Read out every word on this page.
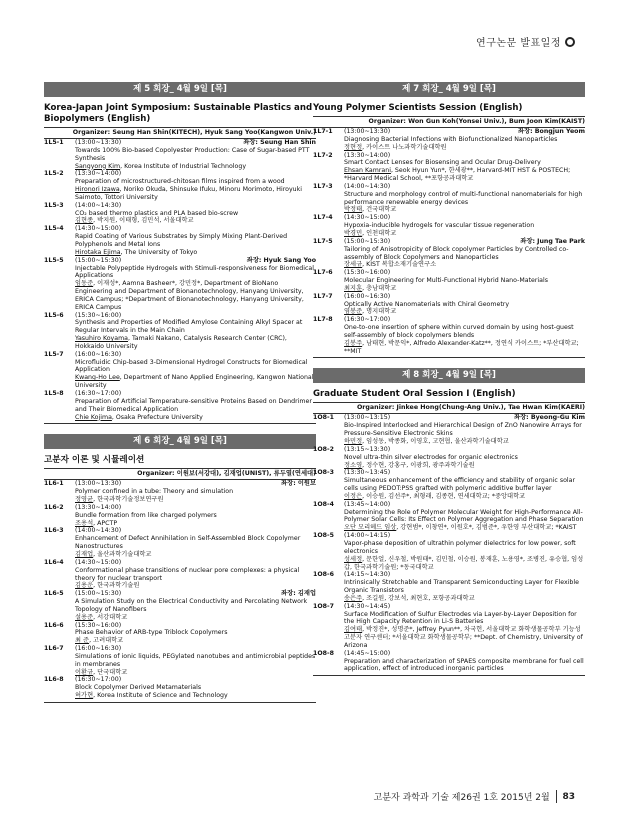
연구논문 발표일정
제 5 회장_ 4월 9일 [목]
Korea-Japan Joint Symposium: Sustainable Plastics and Biopolymers (English)
Organizer: Seung Han Shin(KITECH), Hyuk Sang Yoo(Kangwon Univ.)
1L5-1	(13:00~13:30)	좌장: Seung Han Shin
Towards 100% Bio-based Copolyester Production: Case of Sugar-based PTT Synthesis
Sangyong Kim, Korea Institute of Industrial Technology
1L5-2	(13:30~14:00)
Preparation of microstructured-chitosan films inspired from a wood
Hironori Izawa, Noriko Okuda, Shinsuke Ifuku, Minoru Morimoto, Hiroyuki Saimoto, Tottori University
1L5-3	(14:00~14:30)
CO₂ based thermo plastics and PLA based bio-screw
김현종, 박지원, 이태형, 김민석, 서울대학교
1L5-4	(14:30~15:00)
Rapid Coating of Various Substrates by Simply Mixing Plant-Derived Polyphenols and Metal Ions
Hirotaka Ejima, The University of Tokyo
1L5-5	(15:00~15:30)	좌장: Hyuk Sang Yoo
Injectable Polypeptide Hydrogels with Stimuli-responsiveness for Biomedical Applications
임동준, 이재성*, Aamna Basheer*, 강민정*, Department of BioNano Engineering and Department of Bionanotechnology, Hanyang University, ERICA Campus; *Department of Bionanotechnology, Hanyang University, ERICA Campus
1L5-6	(15:30~16:00)
Synthesis and Properties of Modified Amylose Containing Alkyl Spacer at Regular Intervals in the Main Chain
Yasuhiro Koyama, Tamaki Nakano, Catalysis Research Center (CRC), Hokkaido University
1L5-7	(16:00~16:30)
Microfluidic Chip-based 3-Dimensional Hydrogel Constructs for Biomedical Application
Kwang-Ho Lee, Department of Nano Applied Engineering, Kangwon National University
1L5-8	(16:30~17:00)
Preparation of Artificial Temperature-sensitive Proteins Based on Dendrimer and Their Biomedical Application
Chie Kojima, Osaka Prefecture University
제 6 회장_ 4월 9일 [목]
고분자 이론 및 시뮬레이션
Organizer: 이원보(서강대), 김재업(UNIST), 류두열(연세대)
1L6-1	(13:00~13:30)	좌장: 이원보
Polymer confined in a tube: Theory and simulation
정영균, 한국과학기술정보연구원
1L6-2	(13:30~14:00)
Bundle formation from like charged polymers
조용석, APCTP
1L6-3	(14:00~14:30)
Enhancement of Defect Annihilation in Self-Assembled Block Copolymer Nanostructures
김재업, 울산과학기술대학교
1L6-4	(14:30~15:00)
Conformational phase transitions of nuclear pore complexes: a physical theory for nuclear transport
김용운, 한국과학기술원
1L6-5	(15:00~15:30)	좌장: 김재업
A Simulation Study on the Electrical Conductivity and Percolating Network Topology of Nanofibers
설용준, 서강대학교
1L6-6	(15:30~16:00)
Phase Behavior of ARB-type Triblock Copolymers
최 준, 고려대학교
1L6-7	(16:00~16:30)
Simulations of ionic liquids, PEGylated nanotubes and antimicrobial peptides in membranes
이환규, 단국대학교
1L6-8	(16:30~17:00)
Block Copolymer Derived Metamaterials
허가현, Korea Institute of Science and Technology
제 7 회장_ 4월 9일 [목]
Young Polymer Scientists Session (English)
Organizer: Won Gun Koh(Yonsei Univ.), Bum Joon Kim(KAIST)
1L7-1	(13:00~13:30)	좌장: Bongjun Yeom
Diagnosing Bacterial Infections with Biofunctionalized Nanoparticles
정현정, 카이스트 나노과학기술대학원
1L7-2	(13:30~14:00)
Smart Contact Lenses for Biosensing and Ocular Drug-Delivery
Ehsan Kamrani, Seok Hyun Yun*, 한세광**, Harvard-MIT HST & POSTECH; *Harvard Medical School, **포항공과대학교
1L7-3	(14:00~14:30)
Structure and morphology control of multi-functional nanomaterials for high performance renewable energy devices
박정태, 건국대학교
1L7-4	(14:30~15:00)
Hypoxia-inducible hydrogels for vascular tissue regeneration
박경민, 인천대학교
1L7-5	(15:00~15:30)	좌장: Jung Tae Park
Tailoring of Anisotropicity of Block copolymer Particles by Controlled co-assembly of Block Copolymers and Nanoparticles
장세규, KIST 복합소재기술연구소
1L7-6	(15:30~16:00)
Molecular Engineering for Multi-Functional Hybrid Nano-Materials
최지훈, 충남대학교
1L7-7	(16:00~16:30)
Optically Active Nanomaterials with Chiral Geometry
염봉준, 명지대학교
1L7-8	(16:30~17:00)
One-to-one insertion of sphere within curved domain by using host-guest self-assembly of block copolymers blends
김봉주, 남태현, 박문익*, Alfredo Alexander-Katz**, 정연식 카이스트; *부산대학교; **MIT
제 8 회장_ 4월 9일 [목]
Graduate Student Oral Session I (English)
Organizer: Jinkee Hong(Chung-Ang Univ.), Tae Hwan Kim(KAERI)
1O8-1	(13:00~13:15)	좌장: Byeong-Gu Kim
Bio-Inspired Interlocked and Hierarchical Design of ZnO Nanowire Arrays for Pressure-Sensitive Electronic Skins
하민정, 임성동, 박종화, 이영호, 고현협, 울산과학기술대학교
1O8-2	(13:15~13:30)
Novel ultra-thin silver electrodes for organic electronics
정소영, 정수현, 강홍구, 이광희, 광주과학기술원
1O8-3	(13:30~13:45)
Simultaneous enhancement of the efficiency and stability of organic solar cells using PEDOT:PSS grafted with polymeric additive buffer layer
이정은, 이승원, 김선주*, 최형래, 김종현, 연세대학교; *중앙대학교
1O8-4	(13:45~14:00)
Determining the Role of Polymer Molecular Weight for High-Performance All-Polymer Solar Cells: Its Effect on Polymer Aggregation and Phase Separation
오단 모리헤드 임상, 강현범*, 이창연*, 이원호*, 김범준*, 우한영 부산대학교; *KAIST
1O8-5	(14:00~14:15)
Vapor-phase deposition of ultrathin polymer dielectrics for low power, soft electronics
성세정, 문한얼, 신우철, 박원태*, 김민철, 이승원, 봉재훈, 노용영*, 조병진, 유승협, 임성갑, 한국과학기술원; *동국대학교
1O8-6	(14:15~14:30)
Intrinsically Stretchable and Transparent Semiconducting Layer for Flexible Organic Transistors
송은주, 조길원, 강보석, 최현호, 포항공과대학교
1O8-7	(14:30~14:45)
Surface Modification of Sulfur Electrodes via Layer-by-Layer Deposition for the High Capacity Retention in Li-S Batteries
김여태, 박정진*, 성명준*, Jeffrey Pyun**, 차국헌, 서울대학교 화학생물공학부 기능성 고분자 연구센터; *서울대학교 화학생물공학부; **Dept. of Chemistry, University of Arizona
1O8-8	(14:45~15:00)
Preparation and characterization of SPAES composite membrane for fuel cell application, effect of introduced inorganic particles
고분자 과학과 기술 제26권 1호 2015년 2월 83
